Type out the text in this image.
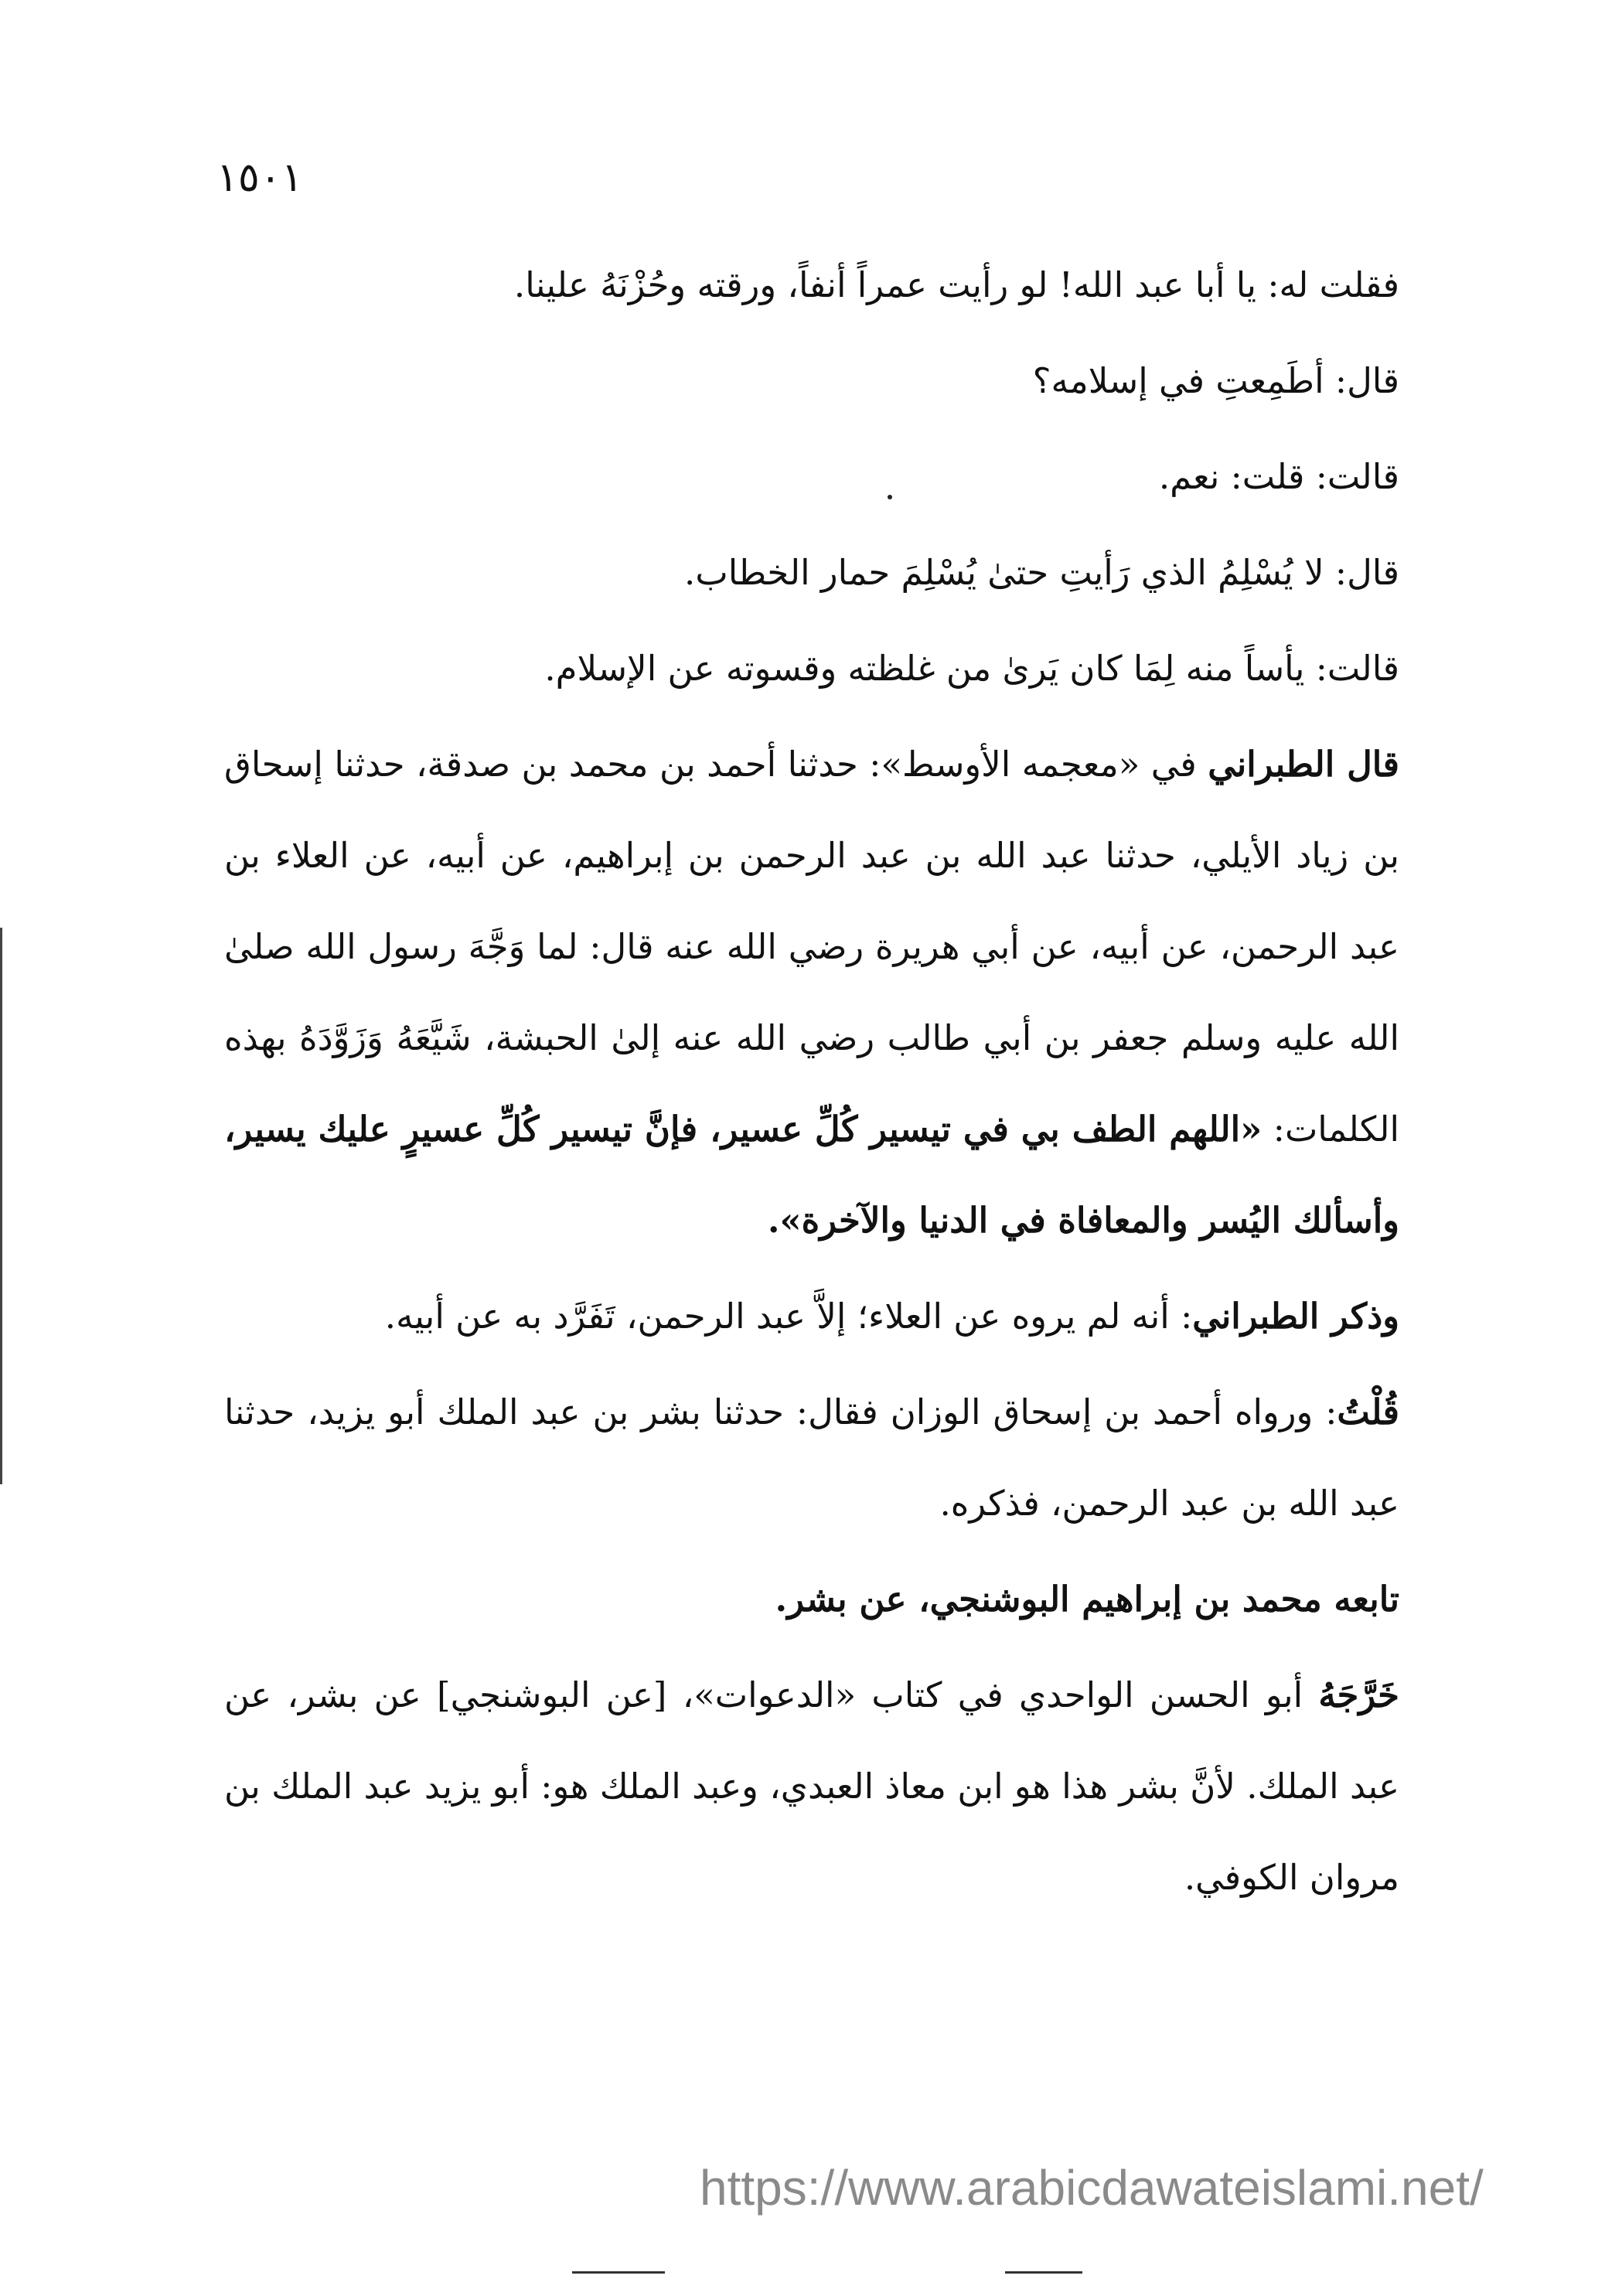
١٥٠١

فقلت له: يا أبا عبد الله! لو رأيت عمراً أنفاً، ورقته وحُزْنَهُ علينا.

قال: أطَمِعتِ في إسلامه؟

قالت: قلت: نعم.

قال: لا يُسْلِمُ الذي رَأيتِ حتىٰ يُسْلِمَ حمار الخطاب.

قالت: يأساً منه لِمَا كان يَرىٰ من غلظته وقسوته عن الإسلام.

قال الطبراني في «معجمه الأوسط»: حدثنا أحمد بن محمد بن صدقة، حدثنا إسحاق بن زياد الأيلي، حدثنا عبد الله بن عبد الرحمن بن إبراهيم، عن أبيه، عن العلاء بن عبد الرحمن، عن أبيه، عن أبي هريرة رضي الله عنه قال: لما وَجَّهَ رسول الله صلىٰ الله عليه وسلم جعفر بن أبي طالب رضي الله عنه إلىٰ الحبشة، شَيَّعَهُ وَزَوَّدَهُ بهذه الكلمات: «اللهم الطف بي في تيسير كُلِّ عسير، فإنَّ تيسير كُلِّ عسيرٍ عليك يسير، وأسألك اليُسر والمعافاة في الدنيا والآخرة».

وذكر الطبراني: أنه لم يروه عن العلاء؛ إلاَّ عبد الرحمن، تَفَرَّد به عن أبيه.

قُلْتُ: ورواه أحمد بن إسحاق الوزان فقال: حدثنا بشر بن عبد الملك أبو يزيد، حدثنا عبد الله بن عبد الرحمن، فذكره.

تابعه محمد بن إبراهيم البوشنجي، عن بشر.

خَرَّجَهُ أبو الحسن الواحدي في كتاب «الدعوات»، [عن البوشنجي] عن بشر، عن عبد الملك. لأنَّ بشر هذا هو ابن معاذ العبدي، وعبد الملك هو: أبو يزيد عبد الملك بن مروان الكوفي.

https://www.arabicdawateislami.net/
